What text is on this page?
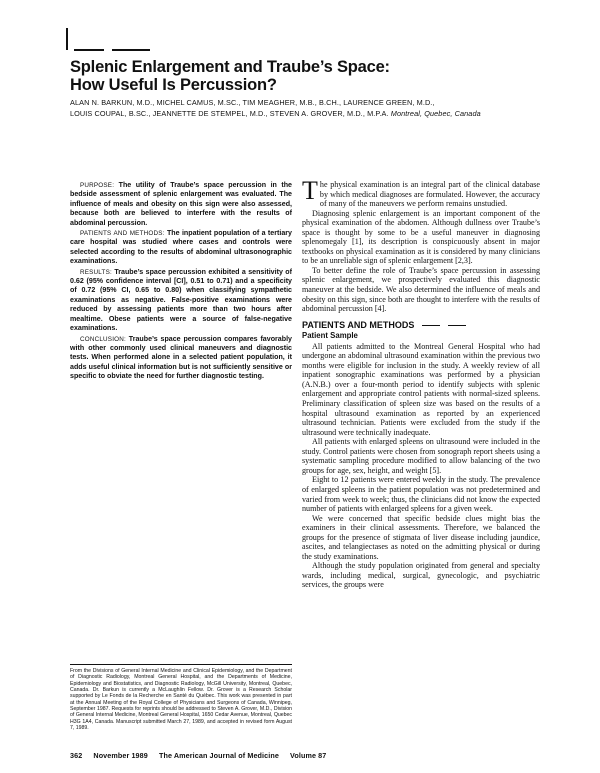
Splenic Enlargement and Traube’s Space:
How Useful Is Percussion?
ALAN N. BARKUN, M.D., MICHEL CAMUS, M.SC., TIM MEAGHER, M.B., B.CH., LAURENCE GREEN, M.D.,
LOUIS COUPAL, B.SC., JEANNETTE DE STEMPEL, M.D., STEVEN A. GROVER, M.D., M.P.A. Montreal, Quebec, Canada

PURPOSE: The utility of Traube’s space percussion in the bedside assessment of splenic enlargement was evaluated. The influence of meals and obesity on this sign were also assessed, because both are believed to interfere with the results of abdominal percussion.

PATIENTS AND METHODS: The inpatient population of a tertiary care hospital was studied where cases and controls were selected according to the results of abdominal ultrasonographic examinations.

RESULTS: Traube’s space percussion exhibited a sensitivity of 0.62 (95% confidence interval [CI], 0.51 to 0.71) and a specificity of 0.72 (95% CI, 0.65 to 0.80) when classifying sympathetic examinations as negative. False-positive examinations were reduced by assessing patients more than two hours after mealtime. Obese patients were a source of false-negative examinations.

CONCLUSION: Traube’s space percussion compares favorably with other commonly used clinical maneuvers and diagnostic tests. When performed alone in a selected patient population, it adds useful clinical information but is not sufficiently sensitive or specific to obviate the need for further diagnostic testing.

From the Divisions of General Internal Medicine and Clinical Epidemiology, and the Department of Diagnostic Radiology, Montreal General Hospital, and the Departments of Medicine, Epidemiology and Biostatistics, and Diagnostic Radiology, McGill University, Montreal, Quebec, Canada. Dr. Barkun is currently a McLaughlin Fellow. Dr. Grover is a Research Scholar supported by Le Fonds de la Recherche en Santé du Québec. This work was presented in part at the Annual Meeting of the Royal College of Physicians and Surgeons of Canada, Winnipeg, September 1987. Requests for reprints should be addressed to Steven A. Grover, M.D., Division of General Internal Medicine, Montreal General Hospital, 1650 Cedar Avenue, Montreal, Quebec H3G 1A4, Canada. Manuscript submitted March 27, 1989, and accepted in revised form August 7, 1989.

The physical examination is an integral part of the clinical database by which medical diagnoses are formulated. However, the accuracy of many of the maneuvers we perform remains unstudied.

Diagnosing splenic enlargement is an important component of the physical examination of the abdomen. Although dullness over Traube’s space is thought by some to be a useful maneuver in diagnosing splenomegaly [1], its description is conspicuously absent in major textbooks on physical examination as it is considered by many clinicians to be an unreliable sign of splenic enlargement [2,3].

To better define the role of Traube’s space percussion in assessing splenic enlargement, we prospectively evaluated this diagnostic maneuver at the bedside. We also determined the influence of meals and obesity on this sign, since both are thought to interfere with the results of abdominal percussion [4].

PATIENTS AND METHODS
Patient Sample

All patients admitted to the Montreal General Hospital who had undergone an abdominal ultrasound examination within the previous two months were eligible for inclusion in the study. A weekly review of all inpatient sonographic examinations was performed by a physician (A.N.B.) over a four-month period to identify subjects with splenic enlargement and appropriate control patients with normal-sized spleens. Preliminary classification of spleen size was based on the results of a hospital ultrasound examination as reported by an experienced ultrasound technician. Patients were excluded from the study if the ultrasound were technically inadequate.

All patients with enlarged spleens on ultrasound were included in the study. Control patients were chosen from sonograph report sheets using a systematic sampling procedure modified to allow balancing of the two groups for age, sex, height, and weight [5].

Eight to 12 patients were entered weekly in the study. The prevalence of enlarged spleens in the patient population was not predetermined and varied from week to week; thus, the clinicians did not know the expected number of patients with enlarged spleens for a given week.

We were concerned that specific bedside clues might bias the examiners in their clinical assessments. Therefore, we balanced the groups for the presence of stigmata of liver disease including jaundice, ascites, and telangiectases as noted on the admitting physical or during the study examinations.

Although the study population originated from general and specialty wards, including medical, surgical, gynecologic, and psychiatric services, the groups were

362 November 1989 The American Journal of Medicine Volume 87
